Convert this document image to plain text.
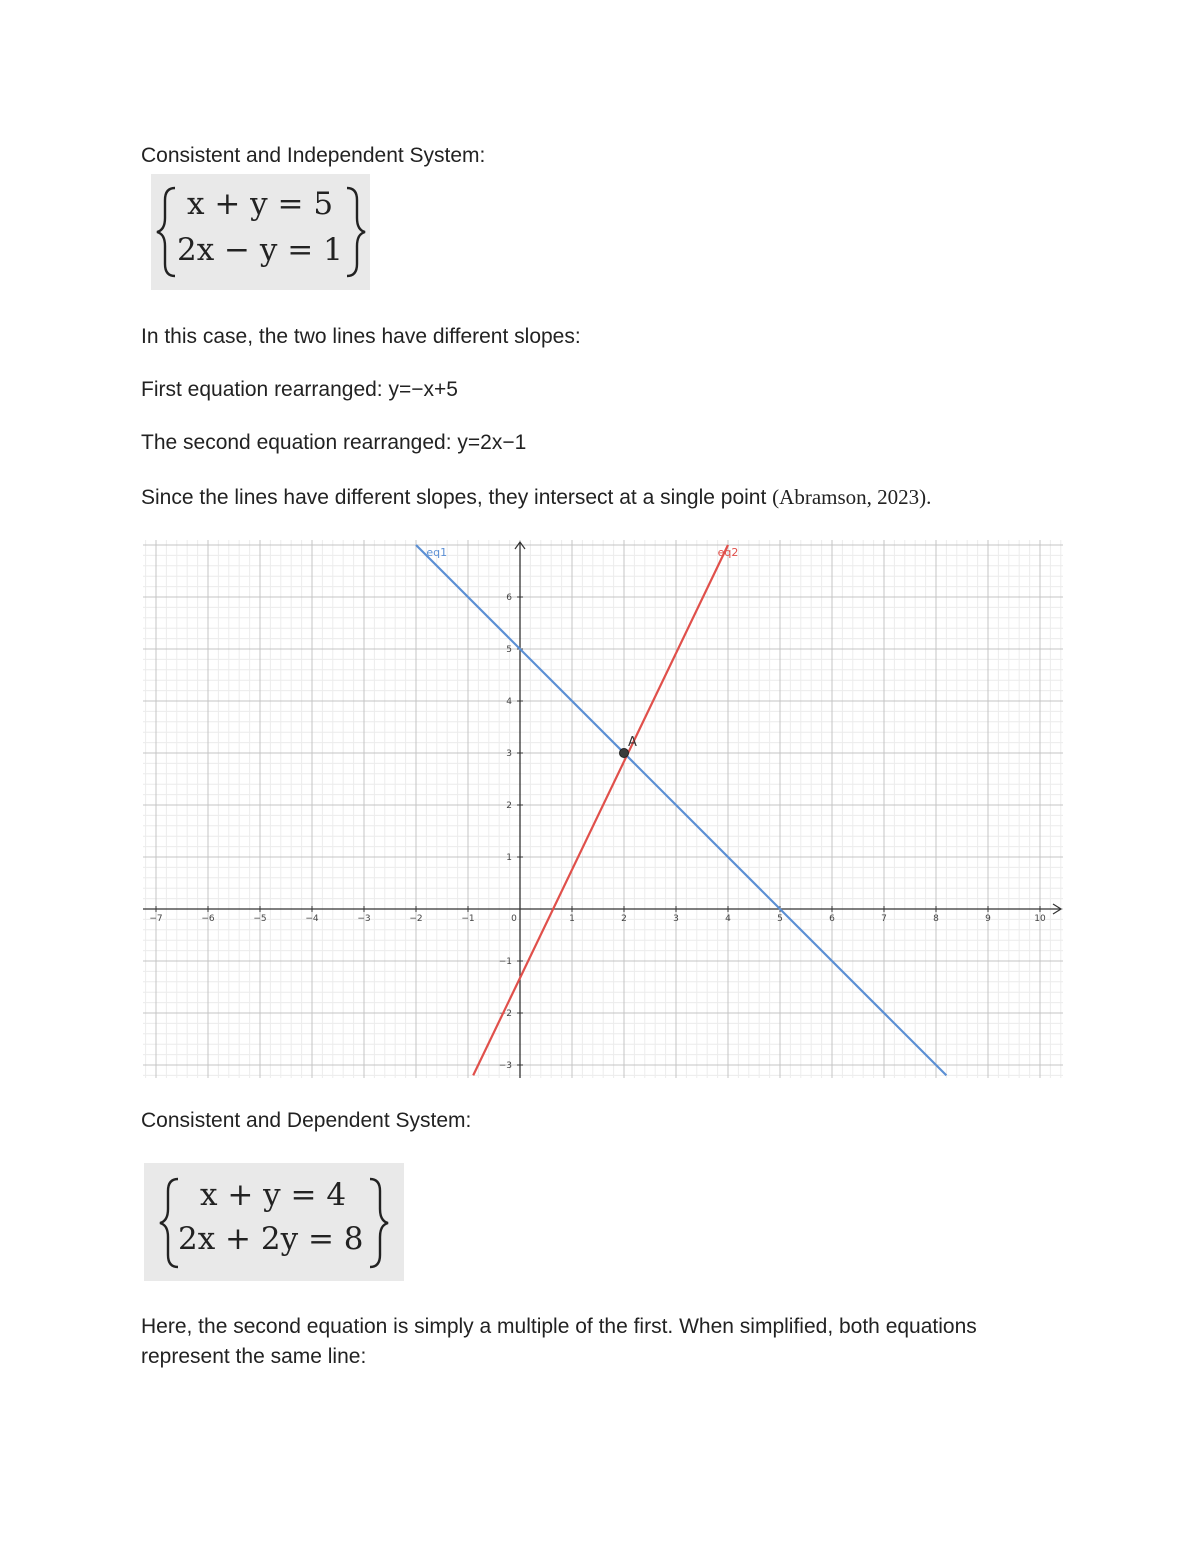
Consistent and Independent System:

x + y = 5
2x − y = 1

In this case, the two lines have different slopes:

First equation rearranged: y=−x+5

The second equation rearranged: y=2x−1

Since the lines have different slopes, they intersect at a single point (Abramson, 2023).

−7	−6	−5	−4	−3	−2	−1	0	1	2	3	4	5	6	7	8	9	10
6
5
4
3
2
1
−1
−2
−3
eq1	eq2
A

Consistent and Dependent System:

x + y = 4
2x + 2y = 8

Here, the second equation is simply a multiple of the first. When simplified, both equations represent the same line:
